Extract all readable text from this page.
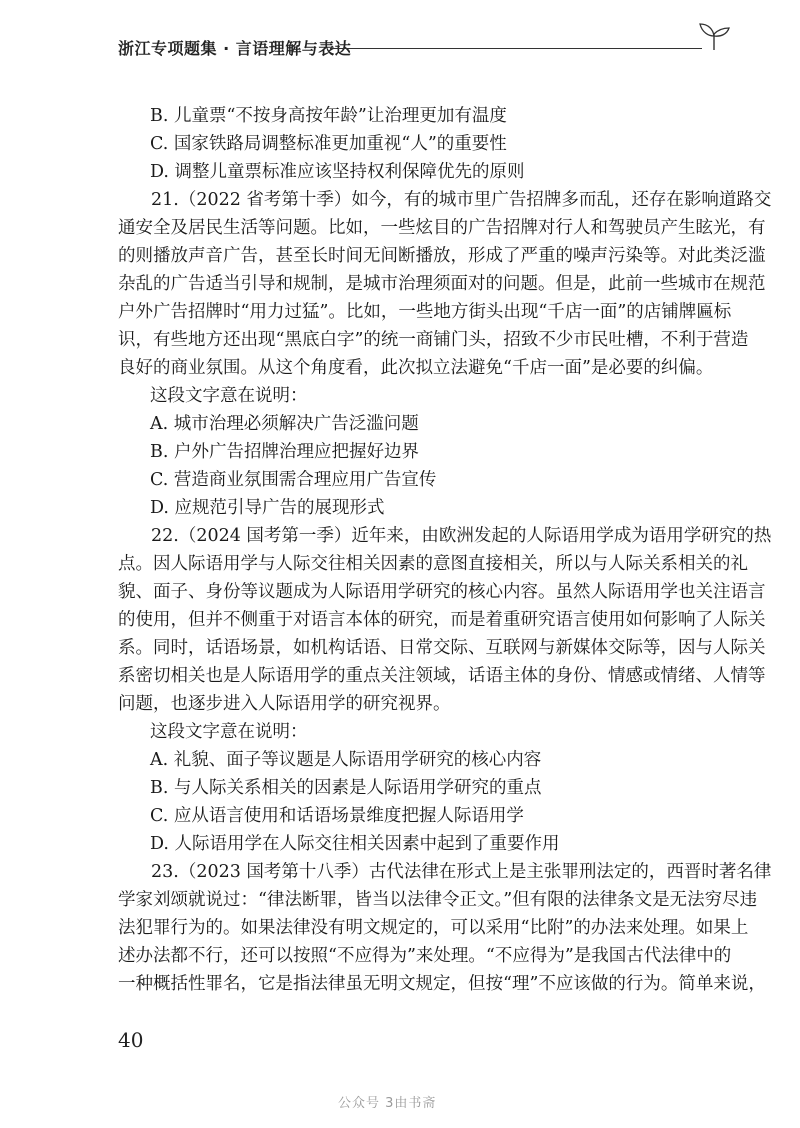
浙江专项题集 · 言语理解与表达
B. 儿童票“不按身高按年龄”让治理更加有温度
C. 国家铁路局调整标准更加重视“人”的重要性
D. 调整儿童票标准应该坚持权利保障优先的原则
21.（2022 省考第十季）如今，有的城市里广告招牌多而乱，还存在影响道路交
通安全及居民生活等问题。比如，一些炫目的广告招牌对行人和驾驶员产生眩光，有
的则播放声音广告，甚至长时间无间断播放，形成了严重的噪声污染等。对此类泛滥
杂乱的广告适当引导和规制，是城市治理须面对的问题。但是，此前一些城市在规范
户外广告招牌时“用力过猛”。比如，一些地方街头出现“千店一面”的店铺牌匾标
识，有些地方还出现“黑底白字”的统一商铺门头，招致不少市民吐槽，不利于营造
良好的商业氛围。从这个角度看，此次拟立法避免“千店一面”是必要的纠偏。
这段文字意在说明：
A. 城市治理必须解决广告泛滥问题
B. 户外广告招牌治理应把握好边界
C. 营造商业氛围需合理应用广告宣传
D. 应规范引导广告的展现形式
22.（2024 国考第一季）近年来，由欧洲发起的人际语用学成为语用学研究的热
点。因人际语用学与人际交往相关因素的意图直接相关，所以与人际关系相关的礼
貌、面子、身份等议题成为人际语用学研究的核心内容。虽然人际语用学也关注语言
的使用，但并不侧重于对语言本体的研究，而是着重研究语言使用如何影响了人际关
系。同时，话语场景，如机构话语、日常交际、互联网与新媒体交际等，因与人际关
系密切相关也是人际语用学的重点关注领域，话语主体的身份、情感或情绪、人情等
问题，也逐步进入人际语用学的研究视界。
这段文字意在说明：
A. 礼貌、面子等议题是人际语用学研究的核心内容
B. 与人际关系相关的因素是人际语用学研究的重点
C. 应从语言使用和话语场景维度把握人际语用学
D. 人际语用学在人际交往相关因素中起到了重要作用
23.（2023 国考第十八季）古代法律在形式上是主张罪刑法定的，西晋时著名律
学家刘颂就说过：“律法断罪，皆当以法律令正文。”但有限的法律条文是无法穷尽违
法犯罪行为的。如果法律没有明文规定的，可以采用“比附”的办法来处理。如果上
述办法都不行，还可以按照“不应得为”来处理。“不应得为”是我国古代法律中的
一种概括性罪名，它是指法律虽无明文规定，但按“理”不应该做的行为。简单来说，
40
公众号 3由书斋
